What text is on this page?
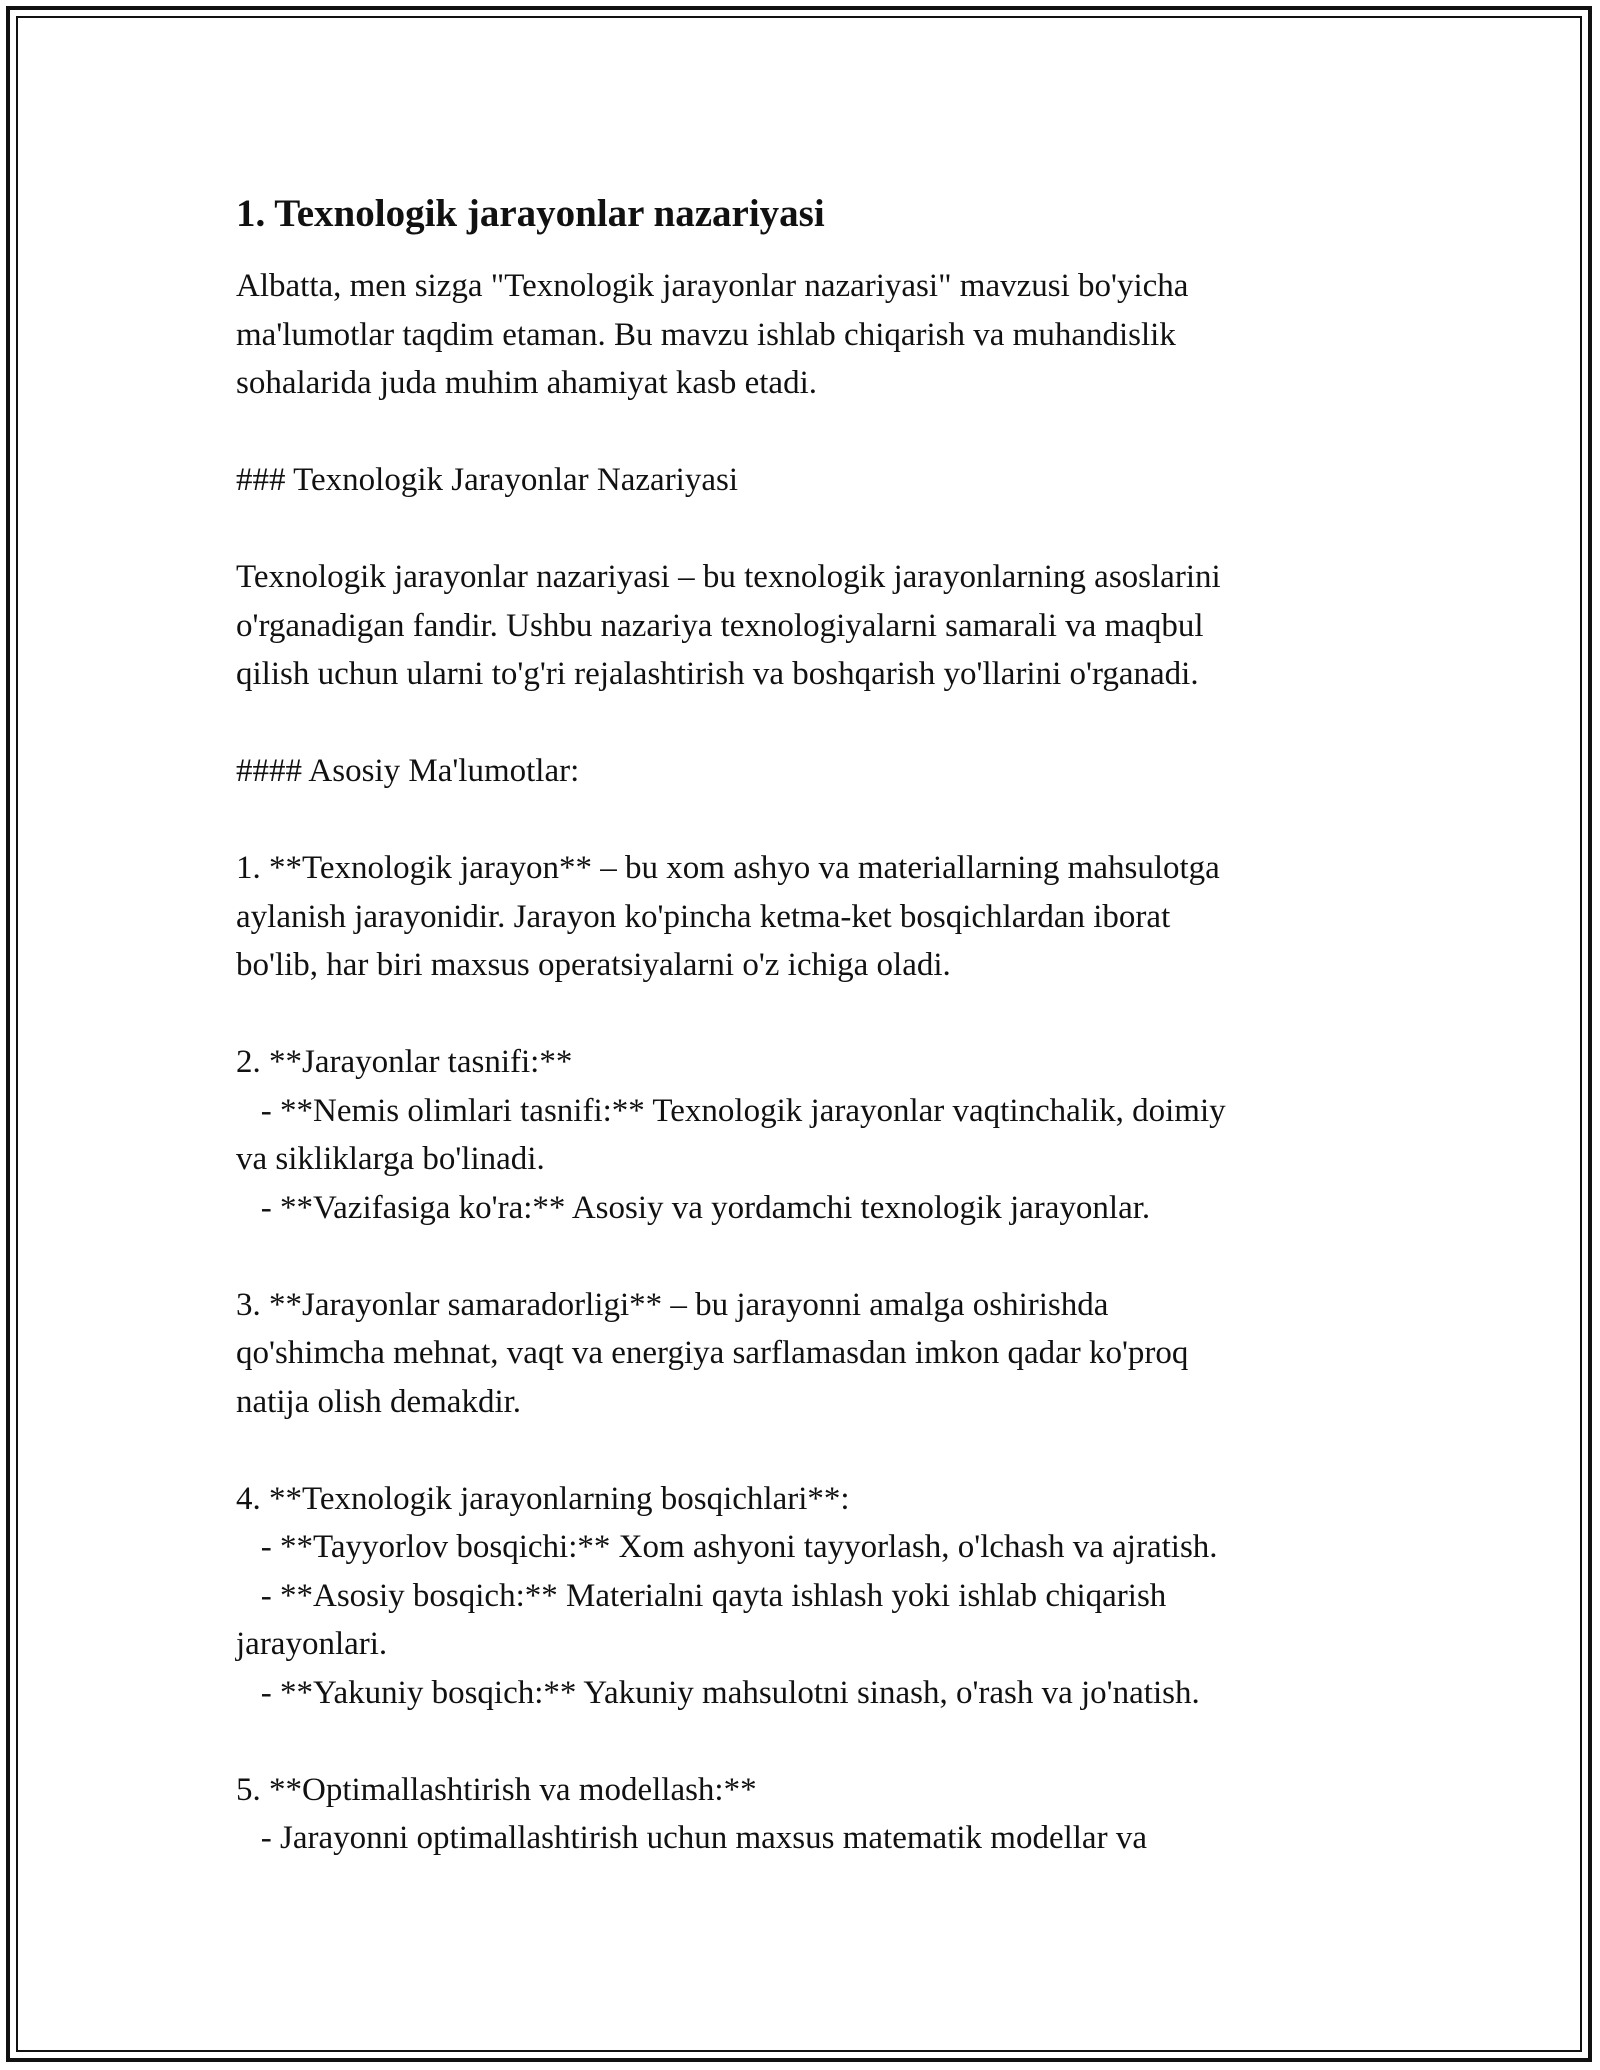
1. Texnologik jarayonlar nazariyasi
Albatta, men sizga "Texnologik jarayonlar nazariyasi" mavzusi bo'yicha
ma'lumotlar taqdim etaman. Bu mavzu ishlab chiqarish va muhandislik
sohalarida juda muhim ahamiyat kasb etadi.
### Texnologik Jarayonlar Nazariyasi
Texnologik jarayonlar nazariyasi – bu texnologik jarayonlarning asoslarini
o'rganadigan fandir. Ushbu nazariya texnologiyalarni samarali va maqbul
qilish uchun ularni to'g'ri rejalashtirish va boshqarish yo'llarini o'rganadi.
#### Asosiy Ma'lumotlar:
1. **Texnologik jarayon** – bu xom ashyo va materiallarning mahsulotga
aylanish jarayonidir. Jarayon ko'pincha ketma-ket bosqichlardan iborat
bo'lib, har biri maxsus operatsiyalarni o'z ichiga oladi.
2. **Jarayonlar tasnifi:**
- **Nemis olimlari tasnifi:** Texnologik jarayonlar vaqtinchalik, doimiy
va sikliklarga bo'linadi.
- **Vazifasiga ko'ra:** Asosiy va yordamchi texnologik jarayonlar.
3. **Jarayonlar samaradorligi** – bu jarayonni amalga oshirishda
qo'shimcha mehnat, vaqt va energiya sarflamasdan imkon qadar ko'proq
natija olish demakdir.
4. **Texnologik jarayonlarning bosqichlari**:
- **Tayyorlov bosqichi:** Xom ashyoni tayyorlash, o'lchash va ajratish.
- **Asosiy bosqich:** Materialni qayta ishlash yoki ishlab chiqarish
jarayonlari.
- **Yakuniy bosqich:** Yakuniy mahsulotni sinash, o'rash va jo'natish.
5. **Optimallashtirish va modellash:**
- Jarayonni optimallashtirish uchun maxsus matematik modellar va
